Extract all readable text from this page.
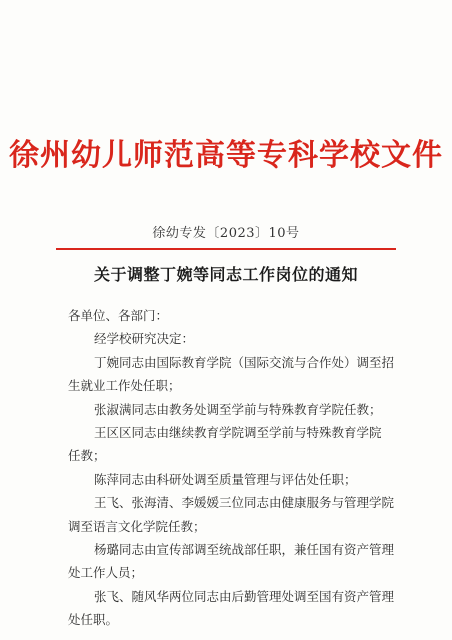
徐州幼儿师范高等专科学校文件
徐幼专发〔2023〕10号
关于调整丁婉等同志工作岗位的通知
各单位、各部门：
经学校研究决定：
丁婉同志由国际教育学院（国际交流与合作处）调至招
生就业工作处任职；
张淑满同志由教务处调至学前与特殊教育学院任教；
王区区同志由继续教育学院调至学前与特殊教育学院
任教；
陈萍同志由科研处调至质量管理与评估处任职；
王飞、张海清、李媛媛三位同志由健康服务与管理学院
调至语言文化学院任教；
杨璐同志由宣传部调至统战部任职，兼任国有资产管理
处工作人员；
张飞、随风华两位同志由后勤管理处调至国有资产管理
处任职。
